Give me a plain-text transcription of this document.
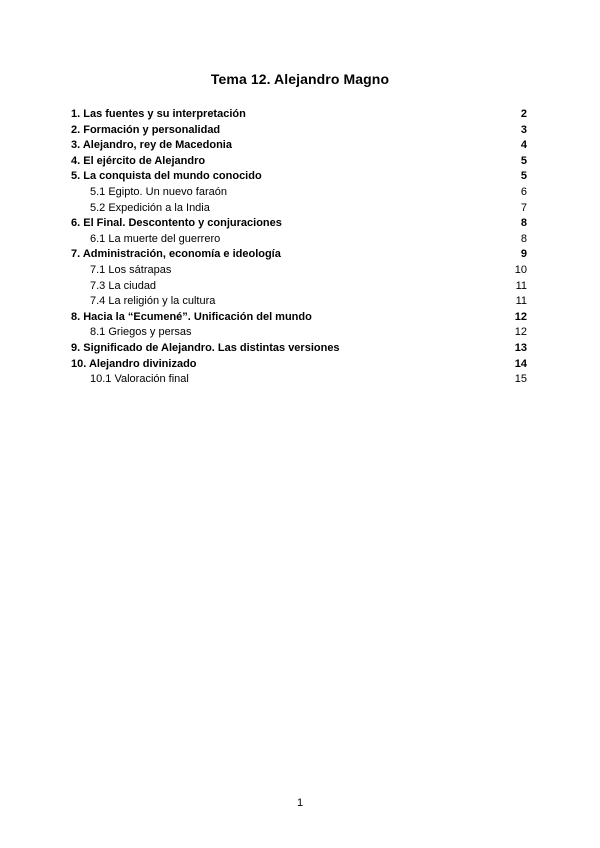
Tema 12. Alejandro Magno
1. Las fuentes y su interpretación	2
2. Formación y personalidad	3
3. Alejandro, rey de Macedonia	4
4. El ejército de Alejandro	5
5. La conquista del mundo conocido	5
5.1 Egipto. Un nuevo faraón	6
5.2 Expedición a la India	7
6. El Final. Descontento y conjuraciones	8
6.1 La muerte del guerrero	8
7. Administración, economía e ideología	9
7.1 Los sátrapas	10
7.3 La ciudad	11
7.4 La religión y la cultura	11
8. Hacia la “Ecumené”. Unificación del mundo	12
8.1 Griegos y persas	12
9. Significado de Alejandro. Las distintas versiones	13
10. Alejandro divinizado	14
10.1 Valoración final	15
1
